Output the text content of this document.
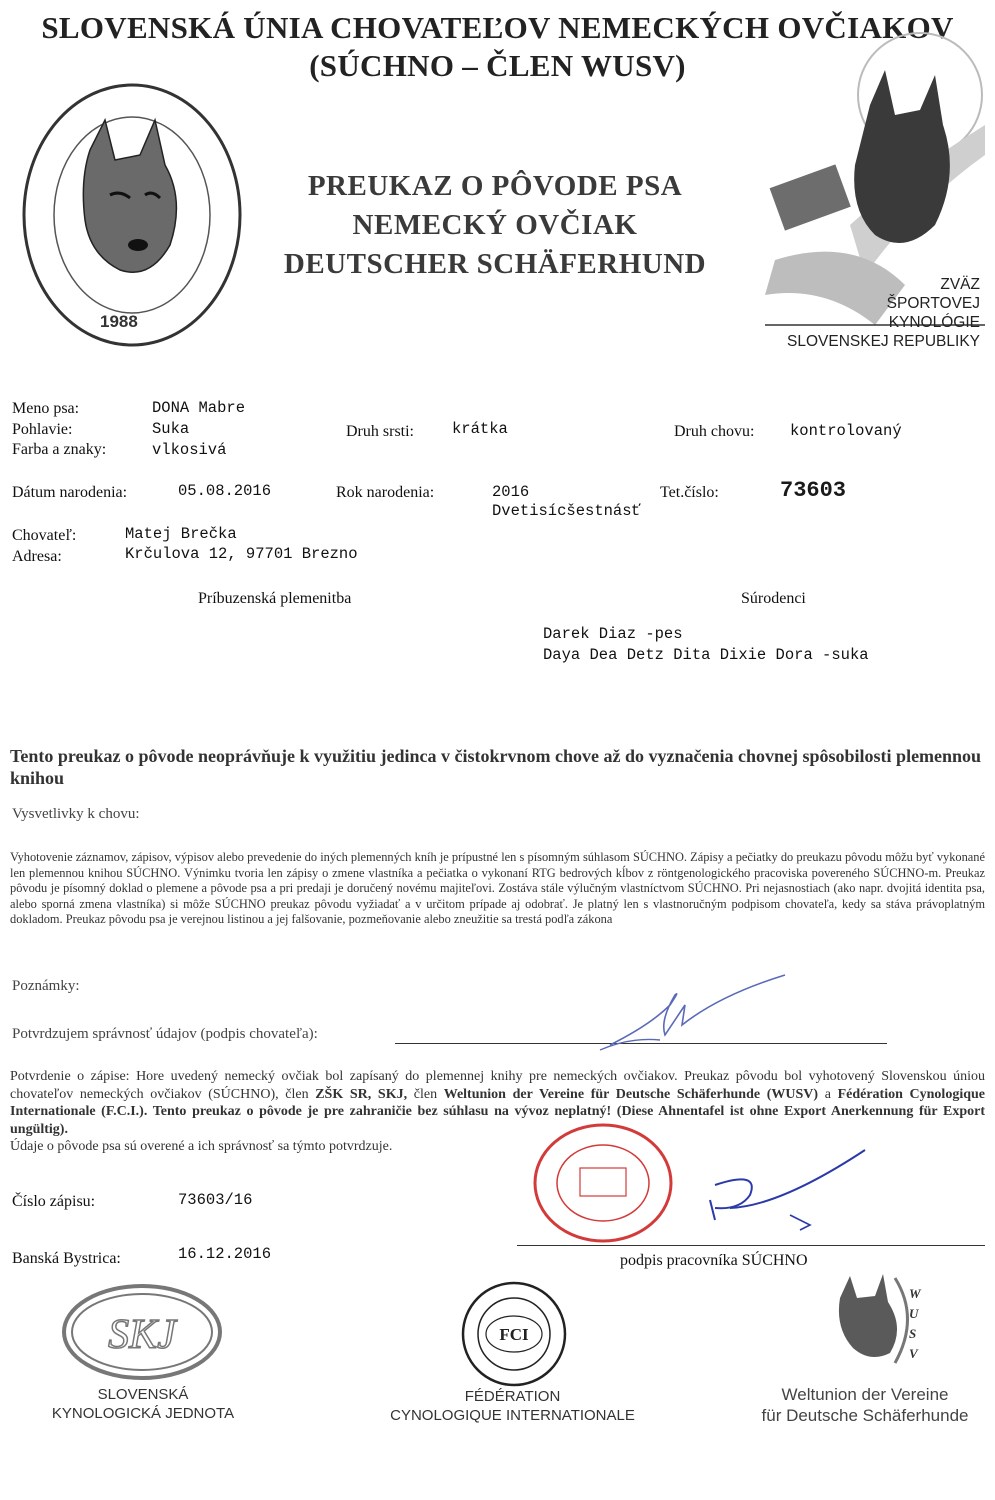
SLOVENSKÁ ÚNIA CHOVATEĽOV NEMECKÝCH OVČIAKOV
(SÚCHNO – ČLEN WUSV)
1988
PREUKAZ O PÔVODE PSA
NEMECKÝ OVČIAK
DEUTSCHER SCHÄFERHUND
ZVÄZ
ŠPORTOVEJ
KYNOLÓGIE
SLOVENSKEJ REPUBLIKY
Meno psa:	DONA Mabre
Pohlavie:	Suka	Druh srsti: krátka	Druh chovu: kontrolovaný
Farba a znaky:	vlkosivá
Dátum narodenia:	05.08.2016	Rok narodenia:	2016
Dvetisícšestnásť
Tet.číslo:	73603
Chovateľ:	Matej Brečka
Adresa:	Krčulova 12, 97701 Brezno
Príbuzenská plemenitba	Súrodenci
Darek Diaz -pes
Daya Dea Detz Dita Dixie Dora -suka
Tento preukaz o pôvode neoprávňuje k využitiu jedinca v čistokrvnom chove až do vyznačenia chovnej spôsobilosti plemennou knihou
Vysvetlivky k chovu:
Vyhotovenie záznamov, zápisov, výpisov alebo prevedenie do iných plemenných kníh je prípustné len s písomným súhlasom SÚCHNO. Zápisy a pečiatky do preukazu pôvodu môžu byť vykonané len plemennou knihou SÚCHNO. Výnimku tvoria len zápisy o zmene vlastníka a pečiatka o vykonaní RTG bedrových kĺbov z röntgenologického pracoviska povereného SÚCHNO-m. Preukaz pôvodu je písomný doklad o plemene a pôvode psa a pri predaji je doručený novému majiteľovi. Zostáva stále výlučným vlastníctvom SÚCHNO. Pri nejasnostiach (ako napr. dvojitá identita psa, alebo sporná zmena vlastníka) si môže SÚCHNO preukaz pôvodu vyžiadať a v určitom prípade aj odobrať. Je platný len s vlastnoručným podpisom chovateľa, kedy sa stáva právoplatným dokladom. Preukaz pôvodu psa je verejnou listinou a jej falšovanie, pozmeňovanie alebo zneužitie sa trestá podľa zákona
Poznámky:
Potvrdzujem správnosť údajov (podpis chovateľa):
Potvrdenie o zápise: Hore uvedený nemecký ovčiak bol zapísaný do plemennej knihy pre nemeckých ovčiakov. Preukaz pôvodu bol vyhotovený Slovenskou úniou chovateľov nemeckých ovčiakov (SÚCHNO), člen ZŠK SR, SKJ, člen Weltunion der Vereine für Deutsche Schäferhunde (WUSV) a Fédération Cynologique Internationale (F.C.I.). Tento preukaz o pôvode je pre zahraničie bez súhlasu na vývoz neplatný! (Diese Ahnentafel ist ohne Export Anerkennung für Export ungültig).
Údaje o pôvode psa sú overené a ich správnosť sa týmto potvrdzuje.
Číslo zápisu:	73603/16
Banská Bystrica:	16.12.2016	podpis pracovníka SÚCHNO
SKJ
SLOVENSKÁ
KYNOLOGICKÁ JEDNOTA
FCI
FÉDÉRATION
CYNOLOGIQUE INTERNATIONALE
W
U
S
V
Weltunion der Vereine
für Deutsche Schäferhunde
